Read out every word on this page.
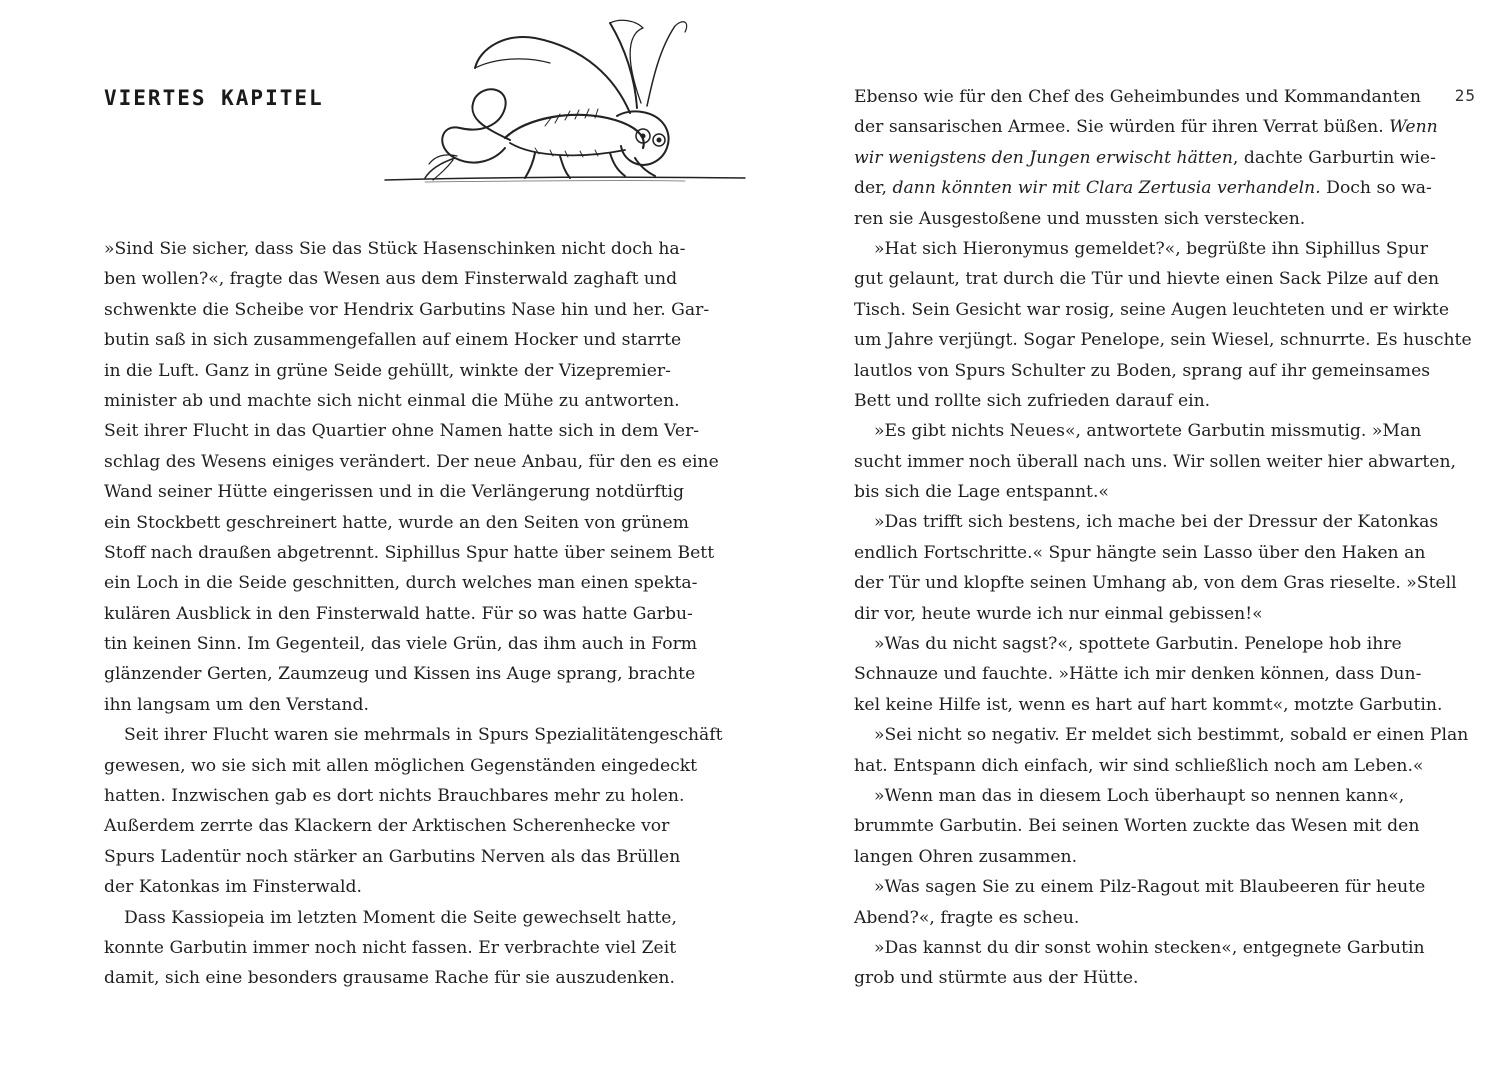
VIERTES KAPITEL
»Sind Sie sicher, dass Sie das Stück Hasenschinken nicht doch ha-
ben wollen?«, fragte das Wesen aus dem Finsterwald zaghaft und
schwenkte die Scheibe vor Hendrix Garbutins Nase hin und her. Gar-
butin saß in sich zusammengefallen auf einem Hocker und starrte
in die Luft. Ganz in grüne Seide gehüllt, winkte der Vizepremier-
minister ab und machte sich nicht einmal die Mühe zu antworten.
Seit ihrer Flucht in das Quartier ohne Namen hatte sich in dem Ver-
schlag des Wesens einiges verändert. Der neue Anbau, für den es eine
Wand seiner Hütte eingerissen und in die Verlängerung notdürftig
ein Stockbett geschreinert hatte, wurde an den Seiten von grünem
Stoff nach draußen abgetrennt. Siphillus Spur hatte über seinem Bett
ein Loch in die Seide geschnitten, durch welches man einen spekta-
kulären Ausblick in den Finsterwald hatte. Für so was hatte Garbu-
tin keinen Sinn. Im Gegenteil, das viele Grün, das ihm auch in Form
glänzender Gerten, Zaumzeug und Kissen ins Auge sprang, brachte
ihn langsam um den Verstand.
Seit ihrer Flucht waren sie mehrmals in Spurs Spezialitätengeschäft
gewesen, wo sie sich mit allen möglichen Gegenständen eingedeckt
hatten. Inzwischen gab es dort nichts Brauchbares mehr zu holen.
Außerdem zerrte das Klackern der Arktischen Scherenhecke vor
Spurs Ladentür noch stärker an Garbutins Nerven als das Brüllen
der Katonkas im Finsterwald.
Dass Kassiopeia im letzten Moment die Seite gewechselt hatte,
konnte Garbutin immer noch nicht fassen. Er verbrachte viel Zeit
damit, sich eine besonders grausame Rache für sie auszudenken.
25
Ebenso wie für den Chef des Geheimbundes und Kommandanten
der sansarischen Armee. Sie würden für ihren Verrat büßen. Wenn
wir wenigstens den Jungen erwischt hätten, dachte Garburtin wie-
der, dann könnten wir mit Clara Zertusia verhandeln. Doch so wa-
ren sie Ausgestoßene und mussten sich verstecken.
»Hat sich Hieronymus gemeldet?«, begrüßte ihn Siphillus Spur
gut gelaunt, trat durch die Tür und hievte einen Sack Pilze auf den
Tisch. Sein Gesicht war rosig, seine Augen leuchteten und er wirkte
um Jahre verjüngt. Sogar Penelope, sein Wiesel, schnurrte. Es huschte
lautlos von Spurs Schulter zu Boden, sprang auf ihr gemeinsames
Bett und rollte sich zufrieden darauf ein.
»Es gibt nichts Neues«, antwortete Garbutin missmutig. »Man
sucht immer noch überall nach uns. Wir sollen weiter hier abwarten,
bis sich die Lage entspannt.«
»Das trifft sich bestens, ich mache bei der Dressur der Katonkas
endlich Fortschritte.« Spur hängte sein Lasso über den Haken an
der Tür und klopfte seinen Umhang ab, von dem Gras rieselte. »Stell
dir vor, heute wurde ich nur einmal gebissen!«
»Was du nicht sagst?«, spottete Garbutin. Penelope hob ihre
Schnauze und fauchte. »Hätte ich mir denken können, dass Dun-
kel keine Hilfe ist, wenn es hart auf hart kommt«, motzte Garbutin.
»Sei nicht so negativ. Er meldet sich bestimmt, sobald er einen Plan
hat. Entspann dich einfach, wir sind schließlich noch am Leben.«
»Wenn man das in diesem Loch überhaupt so nennen kann«,
brummte Garbutin. Bei seinen Worten zuckte das Wesen mit den
langen Ohren zusammen.
»Was sagen Sie zu einem Pilz-Ragout mit Blaubeeren für heute
Abend?«, fragte es scheu.
»Das kannst du dir sonst wohin stecken«, entgegnete Garbutin
grob und stürmte aus der Hütte.
